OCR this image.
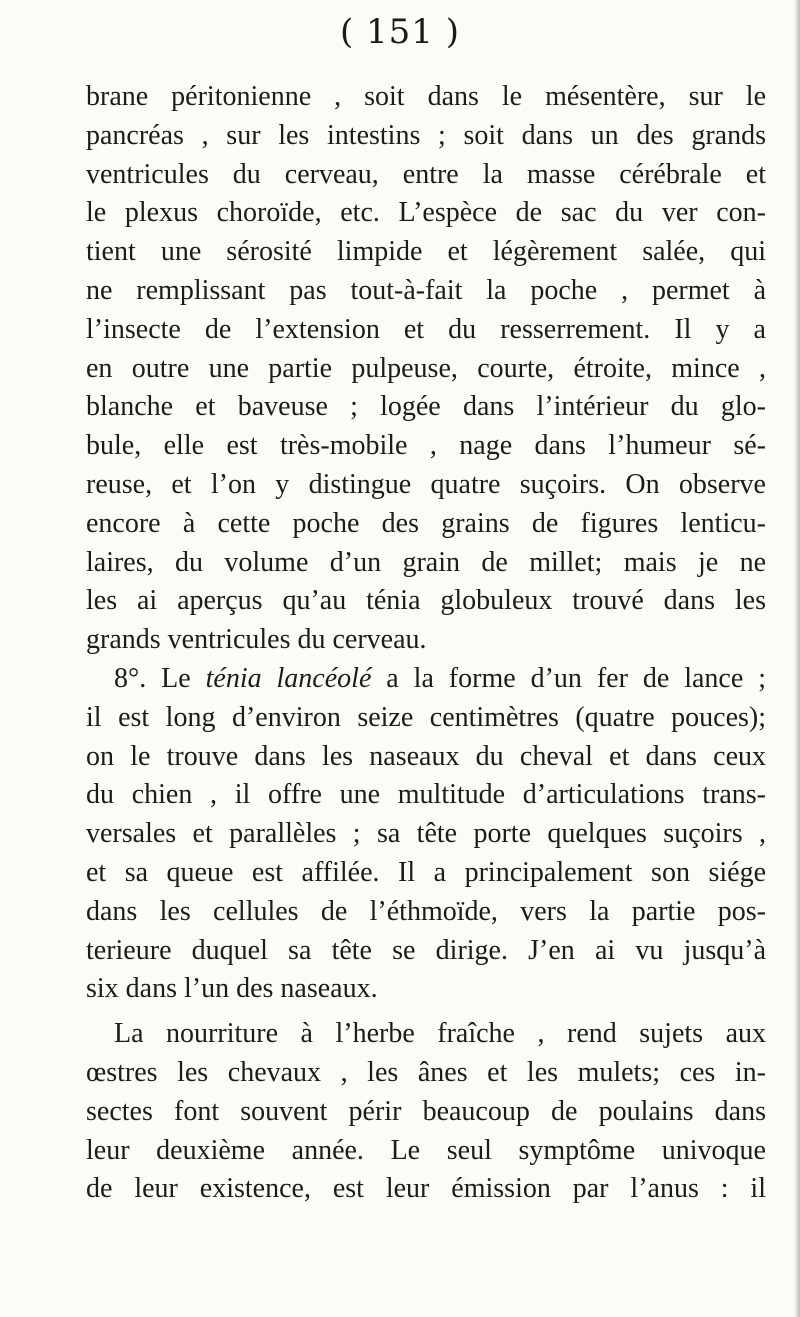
( 151 )
brane péritonienne , soit dans le mésentère, sur le
pancréas , sur les intestins ; soit dans un des grands
ventricules du cerveau, entre la masse cérébrale et
le plexus choroïde, etc. L’espèce de sac du ver con-
tient une sérosité limpide et légèrement salée, qui
ne remplissant pas tout-à-fait la poche , permet à
l’insecte de l’extension et du resserrement. Il y a
en outre une partie pulpeuse, courte, étroite, mince ,
blanche et baveuse ; logée dans l’intérieur du glo-
bule, elle est très-mobile , nage dans l’humeur sé-
reuse, et l’on y distingue quatre suçoirs. On observe
encore à cette poche des grains de figures lenticu-
laires, du volume d’un grain de millet; mais je ne
les ai aperçus qu’au ténia globuleux trouvé dans les
grands ventricules du cerveau.
8°. Le ténia lancéolé a la forme d’un fer de lance ;
il est long d’environ seize centimètres (quatre pouces);
on le trouve dans les naseaux du cheval et dans ceux
du chien , il offre une multitude d’articulations trans-
versales et parallèles ; sa tête porte quelques suçoirs ,
et sa queue est affilée. Il a principalement son siége
dans les cellules de l’éthmoïde, vers la partie pos-
terieure duquel sa tête se dirige. J’en ai vu jusqu’à
six dans l’un des naseaux.
La nourriture à l’herbe fraîche , rend sujets aux
œstres les chevaux , les ânes et les mulets; ces in-
sectes font souvent périr beaucoup de poulains dans
leur deuxième année. Le seul symptôme univoque
de leur existence, est leur émission par l’anus : il
